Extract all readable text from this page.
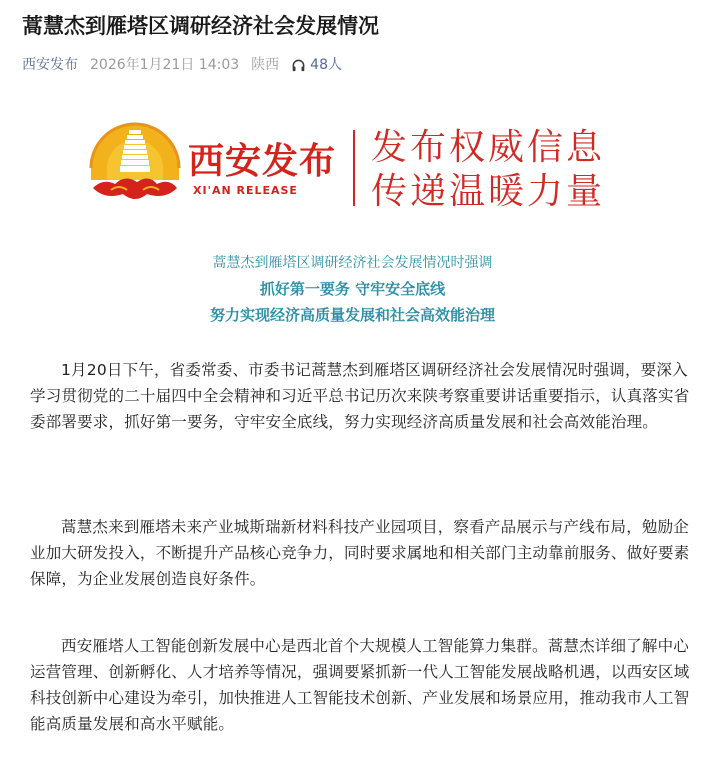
蒿慧杰到雁塔区调研经济社会发展情况
西安发布 2026年1月21日 14:03 陕西 48人
西安发布
XI'AN RELEASE
发布权威信息
传递温暖力量
蒿慧杰到雁塔区调研经济社会发展情况时强调
抓好第一要务 守牢安全底线
努力实现经济高质量发展和社会高效能治理

1月20日下午，省委常委、市委书记蒿慧杰到雁塔区调研经济社会发展情况时强调，要深入学习贯彻党的二十届四中全会精神和习近平总书记历次来陕考察重要讲话重要指示，认真落实省委部署要求，抓好第一要务，守牢安全底线，努力实现经济高质量发展和社会高效能治理。

蒿慧杰来到雁塔未来产业城斯瑞新材料科技产业园项目，察看产品展示与产线布局，勉励企业加大研发投入，不断提升产品核心竞争力，同时要求属地和相关部门主动靠前服务、做好要素保障，为企业发展创造良好条件。

西安雁塔人工智能创新发展中心是西北首个大规模人工智能算力集群。蒿慧杰详细了解中心运营管理、创新孵化、人才培养等情况，强调要紧抓新一代人工智能发展战略机遇，以西安区域科技创新中心建设为牵引，加快推进人工智能技术创新、产业发展和场景应用，推动我市人工智能高质量发展和高水平赋能。
